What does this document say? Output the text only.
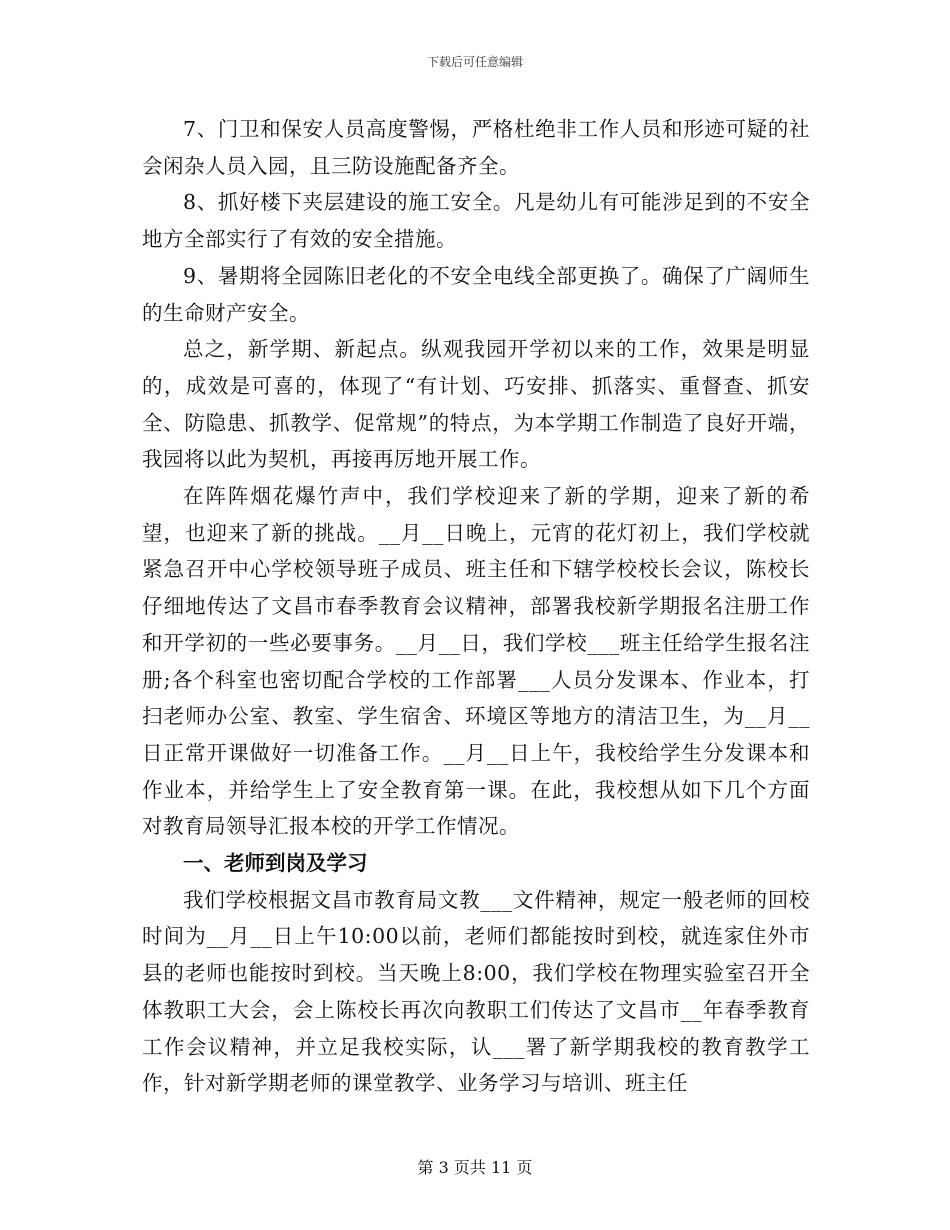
下载后可任意编辑

7、门卫和保安人员高度警惕，严格杜绝非工作人员和形迹可疑的社会闲杂人员入园，且三防设施配备齐全。

8、抓好楼下夹层建设的施工安全。凡是幼儿有可能涉足到的不安全地方全部实行了有效的安全措施。

9、暑期将全园陈旧老化的不安全电线全部更换了。确保了广阔师生的生命财产安全。

总之，新学期、新起点。纵观我园开学初以来的工作，效果是明显的，成效是可喜的，体现了“有计划、巧安排、抓落实、重督查、抓安全、防隐患、抓教学、促常规”的特点，为本学期工作制造了良好开端，我园将以此为契机，再接再厉地开展工作。

在阵阵烟花爆竹声中，我们学校迎来了新的学期，迎来了新的希望，也迎来了新的挑战。__月__日晚上，元宵的花灯初上，我们学校就紧急召开中心学校领导班子成员、班主任和下辖学校校长会议，陈校长仔细地传达了文昌市春季教育会议精神，部署我校新学期报名注册工作和开学初的一些必要事务。__月__日，我们学校___班主任给学生报名注册;各个科室也密切配合学校的工作部署___人员分发课本、作业本，打扫老师办公室、教室、学生宿舍、环境区等地方的清洁卫生，为__月__日正常开课做好一切准备工作。__月__日上午，我校给学生分发课本和作业本，并给学生上了安全教育第一课。在此，我校想从如下几个方面对教育局领导汇报本校的开学工作情况。

一、老师到岗及学习

我们学校根据文昌市教育局文教___文件精神，规定一般老师的回校时间为__月__日上午10:00以前，老师们都能按时到校，就连家住外市县的老师也能按时到校。当天晚上8:00，我们学校在物理实验室召开全体教职工大会，会上陈校长再次向教职工们传达了文昌市__年春季教育工作会议精神，并立足我校实际，认___署了新学期我校的教育教学工作，针对新学期老师的课堂教学、业务学习与培训、班主任

第 3 页共 11 页
